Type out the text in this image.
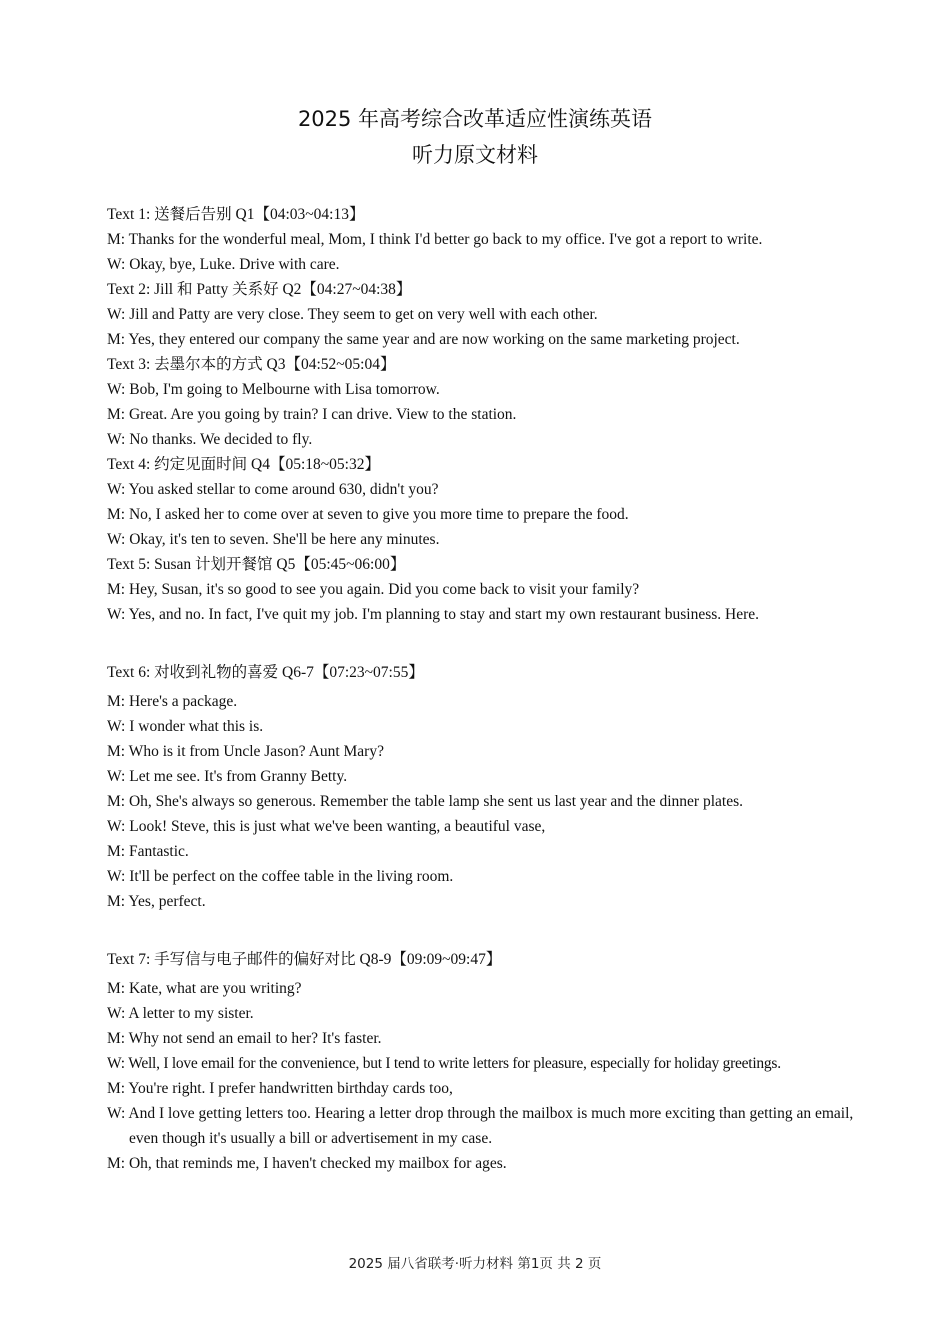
2025 年高考综合改革适应性演练英语
听力原文材料

Text 1: 送餐后告别 Q1【04:03~04:13】

M: Thanks for the wonderful meal, Mom, I think I'd better go back to my office. I've got a report to write.

W: Okay, bye, Luke. Drive with care.

Text 2: Jill 和 Patty 关系好 Q2【04:27~04:38】

W: Jill and Patty are very close. They seem to get on very well with each other.

M: Yes, they entered our company the same year and are now working on the same marketing project.

Text 3: 去墨尔本的方式 Q3【04:52~05:04】

W: Bob, I'm going to Melbourne with Lisa tomorrow.

M: Great. Are you going by train? I can drive. View to the station.

W: No thanks. We decided to fly.

Text 4: 约定见面时间 Q4【05:18~05:32】

W: You asked stellar to come around 630, didn't you?

M: No, I asked her to come over at seven to give you more time to prepare the food.

W: Okay, it's ten to seven. She'll be here any minutes.

Text 5: Susan 计划开餐馆 Q5【05:45~06:00】

M: Hey, Susan, it's so good to see you again. Did you come back to visit your family?

W: Yes, and no. In fact, I've quit my job. I'm planning to stay and start my own restaurant business. Here.

Text 6: 对收到礼物的喜爱 Q6-7【07:23~07:55】

M: Here's a package.

W: I wonder what this is.

M: Who is it from Uncle Jason? Aunt Mary?

W: Let me see. It's from Granny Betty.

M: Oh, She's always so generous. Remember the table lamp she sent us last year and the dinner plates.

W: Look! Steve, this is just what we've been wanting, a beautiful vase,

M: Fantastic.

W: It'll be perfect on the coffee table in the living room.

M: Yes, perfect.

Text 7: 手写信与电子邮件的偏好对比 Q8-9【09:09~09:47】

M: Kate, what are you writing?

W: A letter to my sister.

M: Why not send an email to her? It's faster.

W: Well, I love email for the convenience, but I tend to write letters for pleasure, especially for holiday greetings.

M: You're right. I prefer handwritten birthday cards too,

W: And I love getting letters too. Hearing a letter drop through the mailbox is much more exciting than getting an email, even though it's usually a bill or advertisement in my case.

M: Oh, that reminds me, I haven't checked my mailbox for ages.

2025 届八省联考·听力材料 第1页 共 2 页
